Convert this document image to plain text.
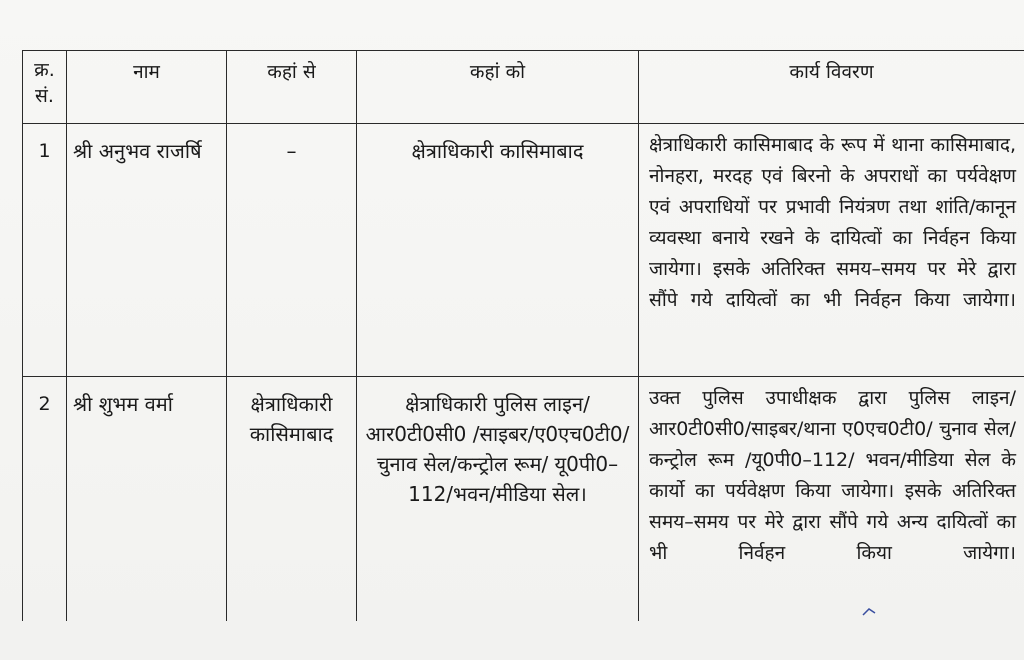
क्र. सं.	नाम	कहां से	कहां को	कार्य विवरण
1	श्री अनुभव राजर्षि	–	क्षेत्राधिकारी कासिमाबाद	क्षेत्राधिकारी कासिमाबाद के रूप में थाना कासिमाबाद, नोनहरा, मरदह एवं बिरनो के अपराधों का पर्यवेक्षण एवं अपराधियों पर प्रभावी नियंत्रण तथा शांति/कानून व्यवस्था बनाये रखने के दायित्वों का निर्वहन किया जायेगा। इसके अतिरिक्त समय–समय पर मेरे द्वारा सौंपे गये दायित्वों का भी निर्वहन किया जायेगा।
2	श्री शुभम वर्मा	क्षेत्राधिकारी कासिमाबाद	क्षेत्राधिकारी पुलिस लाइन/ आर0टी0सी0 /साइबर/ए0एच0टी0/चुनाव सेल/कन्ट्रोल रूम/ यू0पी0–112/भवन/मीडिया सेल।	उक्त पुलिस उपाधीक्षक द्वारा पुलिस लाइन/ आर0टी0सी0/साइबर/थाना ए0एच0टी0/ चुनाव सेल/कन्ट्रोल रूम /यू0पी0–112/ भवन/मीडिया सेल के कार्यो का पर्यवेक्षण किया जायेगा। इसके अतिरिक्त समय–समय पर मेरे द्वारा सौंपे गये अन्य दायित्वों का भी निर्वहन किया जायेगा।
